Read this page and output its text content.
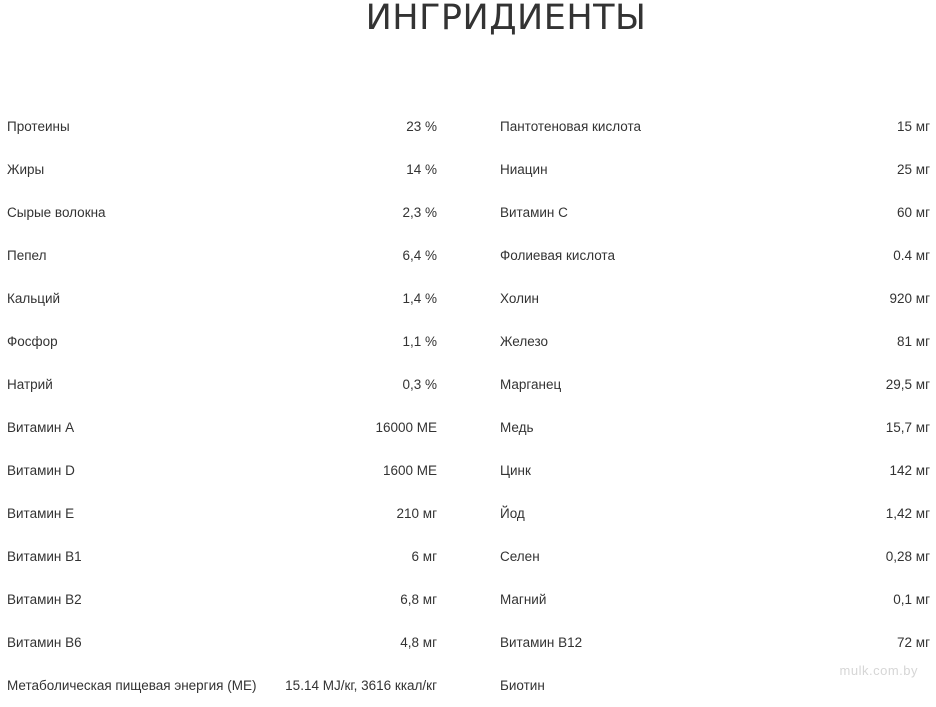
ИНГРИДИЕНТЫ
Протеины	23 %
Жиры	14 %
Сырые волокна	2,3 %
Пепел	6,4 %
Кальций	1,4 %
Фосфор	1,1 %
Натрий	0,3 %
Витамин А	16000 МЕ
Витамин D	1600 МЕ
Витамин Е	210 мг
Витамин В1	6 мг
Витамин В2	6,8 мг
Витамин В6	4,8 мг
Метаболическая пищевая энергия (МЕ) 15.14 MJ/кг, 3616 ккал/кг
Пантотеновая кислота	15 мг
Ниацин	25 мг
Витамин С	60 мг
Фолиевая кислота	0.4 мг
Холин	920 мг
Железо	81 мг
Марганец	29,5 мг
Медь	15,7 мг
Цинк	142 мг
Йод	1,42 мг
Селен	0,28 мг
Магний	0,1 мг
Витамин В12	72 мг
Биотин
mulk.com.by
